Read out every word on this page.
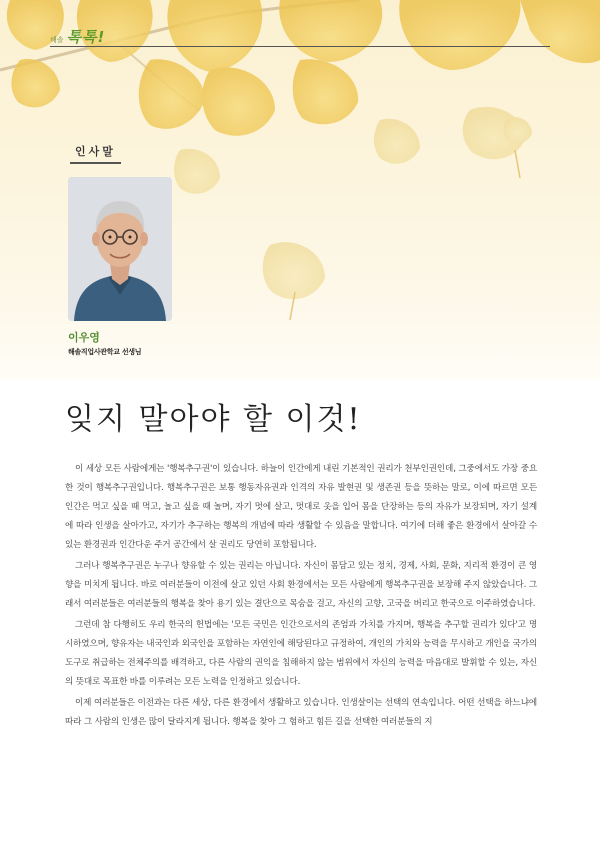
해솔 톡톡!
인사말
이우영
해솔직업사관학교 선생님
잊지 말아야 할 이것!

이 세상 모든 사람에게는 '행복추구권'이 있습니다. 하늘이 인간에게 내린 기본적인 권리가 천부인권인데, 그중에서도 가장 중요한 것이 행복추구권입니다. 행복추구권은 보통 행동자유권과 인격의 자유 발현권 및 생존권 등을 뜻하는 말로, 이에 따르면 모든 인간은 먹고 싶을 때 먹고, 놀고 싶을 때 놀며, 자기 멋에 살고, 멋대로 옷을 입어 몸을 단장하는 등의 자유가 보장되며, 자기 설계에 따라 인생을 살아가고, 자기가 추구하는 행복의 개념에 따라 생활할 수 있음을 말합니다. 여기에 더해 좋은 환경에서 살아갈 수 있는 환경권과 인간다운 주거 공간에서 살 권리도 당연히 포함됩니다.

그러나 행복추구권은 누구나 향유할 수 있는 권리는 아닙니다. 자신이 몸담고 있는 정치, 경제, 사회, 문화, 지리적 환경이 큰 영향을 미치게 됩니다. 바로 여러분들이 이전에 살고 있던 사회 환경에서는 모든 사람에게 행복추구권을 보장해 주지 않았습니다. 그래서 여러분들은 여러분들의 행복을 찾아 용기 있는 결단으로 목숨을 걸고, 자신의 고향, 고국을 버리고 한국으로 이주하였습니다.

그런데 참 다행히도 우리 한국의 헌법에는 '모든 국민은 인간으로서의 존엄과 가치를 가지며, 행복을 추구할 권리가 있다'고 명시하였으며, 향유자는 내국인과 외국인을 포함하는 자연인에 해당된다고 규정하여, 개인의 가치와 능력을 무시하고 개인을 국가의 도구로 취급하는 전체주의를 배격하고, 다른 사람의 권익을 침해하지 않는 범위에서 자신의 능력을 마음대로 발휘할 수 있는, 자신의 뜻대로 목표한 바를 이루려는 모든 노력을 인정하고 있습니다.

이제 여러분들은 이전과는 다른 세상, 다른 환경에서 생활하고 있습니다. 인생살이는 선택의 연속입니다. 어떤 선택을 하느냐에 따라 그 사람의 인생은 많이 달라지게 됩니다. 행복을 찾아 그 험하고 힘든 길을 선택한 여러분들의 지
